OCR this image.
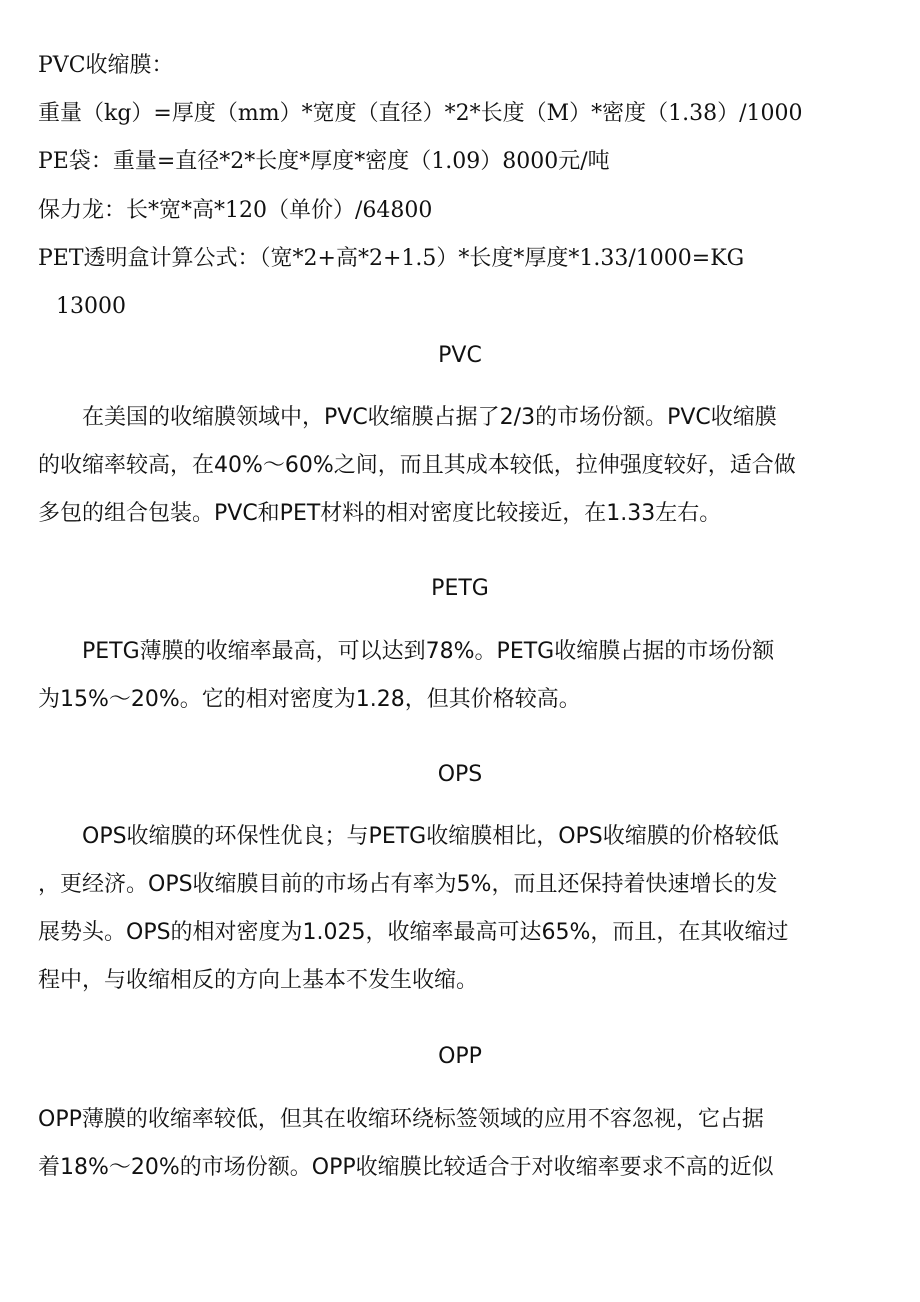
PVC收缩膜：
重量（kg）=厚度（mm）*宽度（直径）*2*长度（M）*密度（1.38）/1000
PE袋：重量=直径*2*长度*厚度*密度（1.09）8000元/吨
保力龙：长*宽*高*120（单价）/64800
PET透明盒计算公式：（宽*2+高*2+1.5）*长度*厚度*1.33/1000=KG
13000
PVC
在美国的收缩膜领域中，PVC收缩膜占据了2/3的市场份额。PVC收缩膜
的收缩率较高，在40%～60%之间，而且其成本较低，拉伸强度较好，适合做
多包的组合包装。PVC和PET材料的相对密度比较接近，在1.33左右。
PETG
PETG薄膜的收缩率最高，可以达到78%。PETG收缩膜占据的市场份额
为15%～20%。它的相对密度为1.28，但其价格较高。
OPS
OPS收缩膜的环保性优良；与PETG收缩膜相比，OPS收缩膜的价格较低
，更经济。OPS收缩膜目前的市场占有率为5%，而且还保持着快速增长的发
展势头。OPS的相对密度为1.025，收缩率最高可达65%，而且，在其收缩过
程中，与收缩相反的方向上基本不发生收缩。
OPP
OPP薄膜的收缩率较低，但其在收缩环绕标签领域的应用不容忽视，它占据
着18%～20%的市场份额。OPP收缩膜比较适合于对收缩率要求不高的近似
